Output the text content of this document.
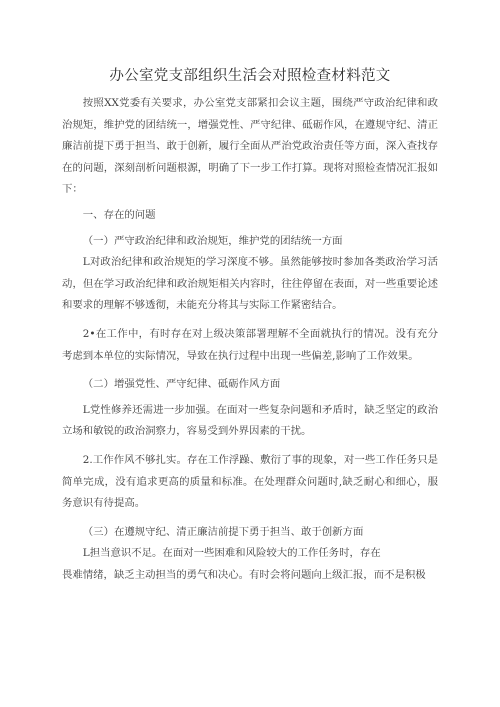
办公室党支部组织生活会对照检查材料范文

按照XX党委有关要求，办公室党支部紧扣会议主题，围绕严守政治纪律和政治规矩，维护党的团结统一，增强党性、严守纪律、砥砺作风，在遵规守纪、清正廉洁前提下勇于担当、敢于创新，履行全面从严治党政治责任等方面，深入查找存在的问题，深刻剖析问题根源，明确了下一步工作打算。现将对照检查情况汇报如下：

一、存在的问题

（一）严守政治纪律和政治规矩，维护党的团结统一方面

L对政治纪律和政治规矩的学习深度不够。虽然能够按时参加各类政治学习活动，但在学习政治纪律和政治规矩相关内容时，往往停留在表面，对一些重要论述和要求的理解不够透彻，未能充分将其与实际工作紧密结合。

2•在工作中，有时存在对上级决策部署理解不全面就执行的情况。没有充分考虑到本单位的实际情况，导致在执行过程中出现一些偏差,影响了工作效果。

（二）增强党性、严守纪律、砥砺作风方面

L党性修养还需进一步加强。在面对一些复杂问题和矛盾时，缺乏坚定的政治立场和敏锐的政治洞察力，容易受到外界因素的干扰。

2.工作作风不够扎实。存在工作浮躁、敷衍了事的现象，对一些工作任务只是简单完成，没有追求更高的质量和标准。在处理群众问题时,缺乏耐心和细心，服务意识有待提高。

（三）在遵规守纪、清正廉洁前提下勇于担当、敢于创新方面

L担当意识不足。在面对一些困难和风险较大的工作任务时，存在

畏难情绪，缺乏主动担当的勇气和决心。有时会将问题向上级汇报，而不是积极
